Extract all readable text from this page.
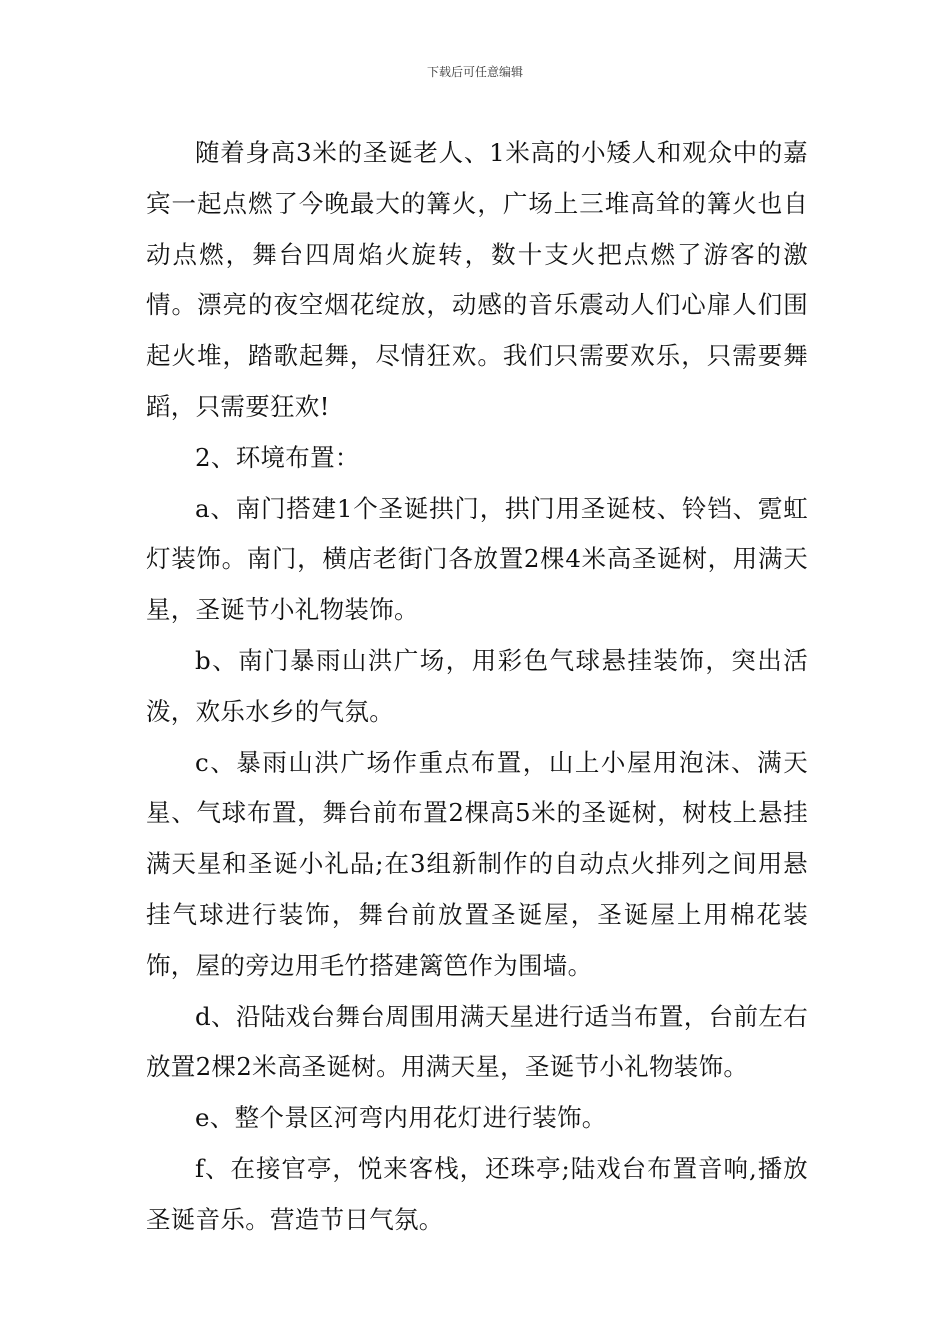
下载后可任意编辑

随着身高3米的圣诞老人、1米高的小矮人和观众中的嘉宾一起点燃了今晚最大的篝火，广场上三堆高耸的篝火也自动点燃，舞台四周焰火旋转，数十支火把点燃了游客的激情。漂亮的夜空烟花绽放，动感的音乐震动人们心扉人们围起火堆，踏歌起舞，尽情狂欢。我们只需要欢乐，只需要舞蹈，只需要狂欢!

2、环境布置：

a、南门搭建1个圣诞拱门，拱门用圣诞枝、铃铛、霓虹灯装饰。南门，横店老街门各放置2棵4米高圣诞树，用满天星，圣诞节小礼物装饰。

b、南门暴雨山洪广场，用彩色气球悬挂装饰，突出活泼，欢乐水乡的气氛。

c、暴雨山洪广场作重点布置，山上小屋用泡沫、满天星、气球布置，舞台前布置2棵高5米的圣诞树，树枝上悬挂满天星和圣诞小礼品;在3组新制作的自动点火排列之间用悬挂气球进行装饰，舞台前放置圣诞屋，圣诞屋上用棉花装饰，屋的旁边用毛竹搭建篱笆作为围墙。

d、沿陆戏台舞台周围用满天星进行适当布置，台前左右放置2棵2米高圣诞树。用满天星，圣诞节小礼物装饰。

e、整个景区河弯内用花灯进行装饰。

f、在接官亭，悦来客栈，还珠亭;陆戏台布置音响,播放圣诞音乐。营造节日气氛。
